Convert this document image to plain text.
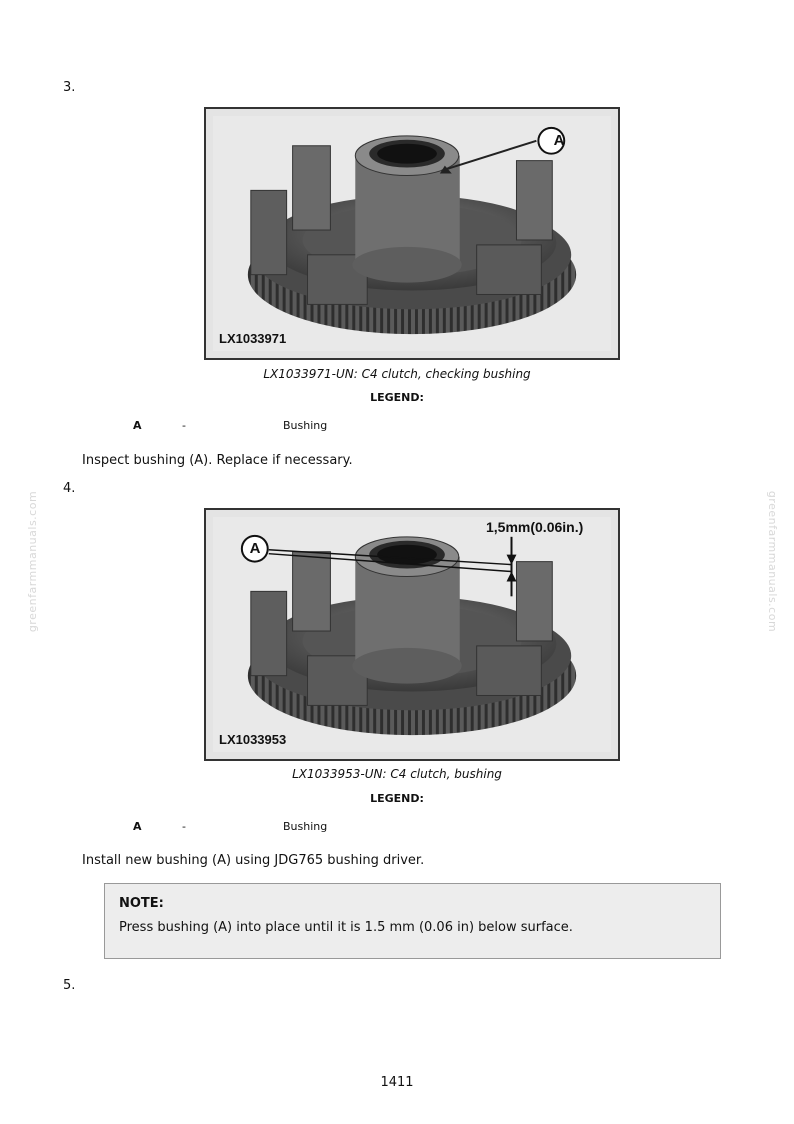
greenfarmmanuals.com	greenfarmmanuals.com
3.
A
LX1033971
LX1033971-UN: C4 clutch, checking bushing
LEGEND:
A	-	Bushing
Inspect bushing (A). Replace if necessary.
4.
A
1,5mm(0.06in.)
LX1033953
LX1033953-UN: C4 clutch, bushing
LEGEND:
A	-	Bushing
Install new bushing (A) using JDG765 bushing driver.
NOTE:
Press bushing (A) into place until it is 1.5 mm (0.06 in) below surface.
5.
1411
